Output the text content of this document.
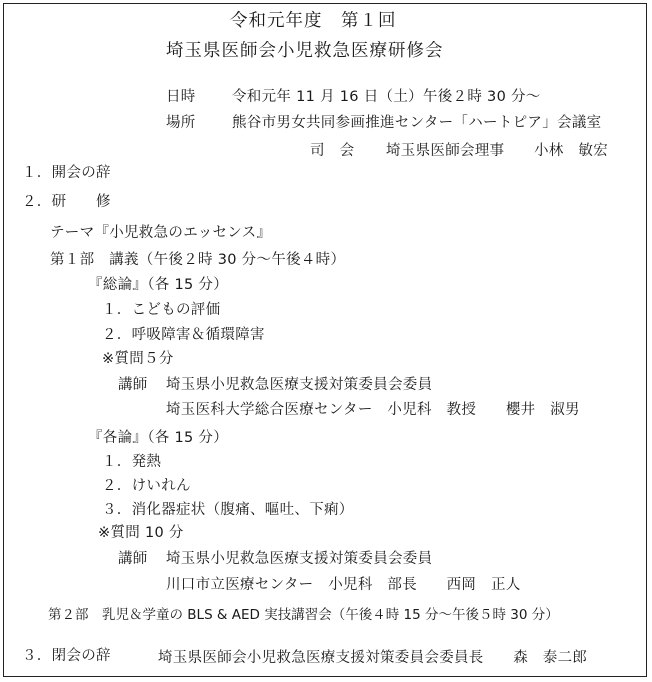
令和元年度　第１回
埼玉県医師会小児救急医療研修会
日時	令和元年 11 月 16 日（土）午後２時 30 分～
場所	熊谷市男女共同参画推進センター「ハートピア」会議室
司　会 埼玉県医師会理事　　小林　敏宏
１．開会の辞
２．研　　修
テーマ『小児救急のエッセンス』
第１部　講義（午後２時 30 分～午後４時）
『総論』（各 15 分）
１．こどもの評価
２．呼吸障害＆循環障害
※質問５分
講師 埼玉県小児救急医療支援対策委員会委員
埼玉医科大学総合医療センター　小児科　教授　　櫻井　淑男
『各論』（各 15 分）
１．発熱
２．けいれん
３．消化器症状（腹痛、嘔吐、下痢）
※質問 10 分
講師 埼玉県小児救急医療支援対策委員会委員
川口市立医療センター　小児科　部長　　西岡　正人
第２部　乳児＆学童の BLS & AED 実技講習会（午後４時 15 分～午後５時 30 分）
３．閉会の辞	埼玉県医師会小児救急医療支援対策委員会委員長　　森　泰二郎
